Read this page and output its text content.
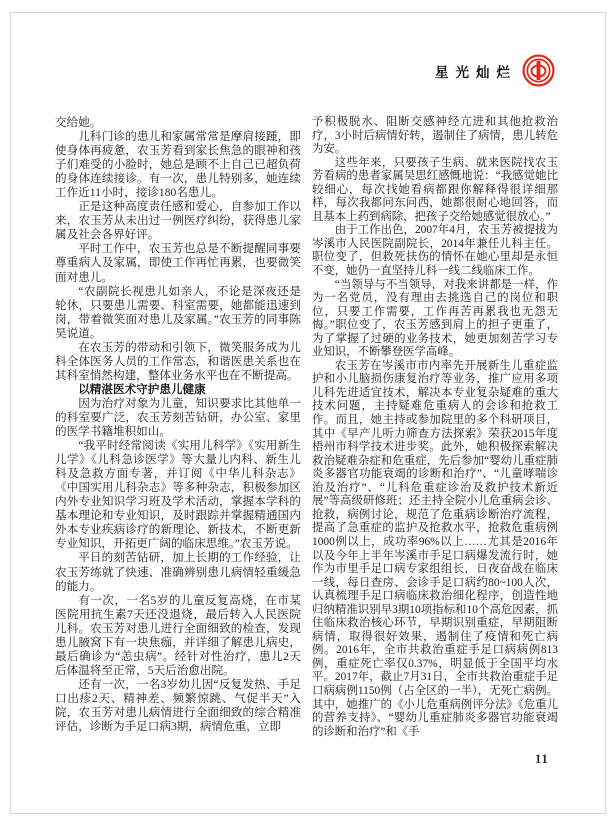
星光灿烂

交给她。

儿科门诊的患儿和家属常常是摩肩接踵，即使身体再疲惫，农玉芳看到家长焦急的眼神和孩子们难受的小脸时，她总是顾不上自己已超负荷的身体连续接诊。有一次，患儿特别多，她连续工作近11小时，接诊180名患儿。

正是这种高度责任感和爱心，自参加工作以来，农玉芳从未出过一例医疗纠纷，获得患儿家属及社会各界好评。

平时工作中，农玉芳也总是不断提醒同事要尊重病人及家属，即使工作再忙再累，也要微笑面对患儿。

“农副院长视患儿如亲人，不论是深夜还是轮休，只要患儿需要、科室需要，她都能迅速到岗，带着微笑面对患儿及家属。”农玉芳的同事陈昊说道。

在农玉芳的带动和引领下，微笑服务成为儿科全体医务人员的工作常态，和谐医患关系也在其科室悄然构建，整体业务水平也在不断提高。

以精湛医术守护患儿健康

因为治疗对象为儿童，知识要求比其他单一的科室要广泛，农玉芳刻苦钻研，办公室、家里的医学书籍堆积如山。

“我平时经常阅读《实用儿科学》《实用新生儿学》《儿科急诊医学》等大量儿内科、新生儿科及急救方面专著，并订阅《中华儿科杂志》《中国实用儿科杂志》等多种杂志，积极参加区内外专业知识学习班及学术活动，掌握本学科的基本理论和专业知识，及时跟踪并掌握精通国内外本专业疾病诊疗的新理论、新技术，不断更新专业知识，开拓更广阔的临床思维。”农玉芳说。

平日的刻苦钻研，加上长期的工作经验，让农玉芳练就了快速、准确辨别患儿病情轻重缓急的能力。

有一次，一名5岁的儿童反复高烧，在市某医院用抗生素7天还没退烧，最后转入人民医院儿科。农玉芳对患儿进行全面细致的检查，发现患儿腋窝下有一块焦痂，并详细了解患儿病史，最后确诊为“恙虫病”。经针对性治疗，患儿2天后体温将至正常，5天后治愈出院。

还有一次，一名3岁幼儿因“反复发热、手足口出疹2天、精神差、频繁惊跳、气促半天”入院，农玉芳对患儿病情进行全面细致的综合精准评估，诊断为手足口病3期，病情危重，立即

予积极脱水、阻断交感神经亢进和其他抢救治疗，3小时后病情好转，遏制住了病情，患儿转危为安。

这些年来，只要孩子生病、就来医院找农玉芳看病的患者家属吴思红感慨地说：“我感觉她比较细心，每次找她看病都跟你解释得很详细那样，每次我都问东问西，她都很耐心地回答，而且基本上药到病除，把孩子交给她感觉很放心。”

由于工作出色，2007年4月，农玉芳被提拔为岑溪市人民医院副院长，2014年兼任儿科主任。职位变了，但救死扶伤的情怀在她心里却是永恒不变，她仍一直坚持儿科一线二线临床工作。

“当领导与不当领导，对我来讲都是一样，作为一名党员，没有理由去挑选自己的岗位和职位，只要工作需要，工作再苦再累我也无怨无悔。”职位变了，农玉芳感到肩上的担子更重了，为了掌握了过硬的业务技术，她更加刻苦学习专业知识，不断攀登医学高峰。

农玉芳在岑溪市市内率先开展新生儿重症监护和小儿脑损伤康复治疗等业务，推广应用多项儿科先进适宜技术，解决本专业复杂疑难的重大技术问题，主持疑难危重病人的会诊和抢救工作。而且，她主持或参加院里的多个科研项目，其中《早产儿听力筛查方法探索》荣获2015年度梧州市科学技术进步奖。此外，她积极探索解决救治疑难杂症和危重症，先后参加“婴幼儿重症肺炎多器官功能衰竭的诊断和治疗”、“儿童哮喘诊治及治疗”、“儿科危重症诊治及救护技术新近展”等高级研修班；还主持全院小儿危重病会诊、抢救，病例讨论，规范了危重病诊断治疗流程，提高了急重症的监护及抢救水平，抢救危重病例1000例以上，成功率96%以上……尤其是2016年以及今年上半年岑溪市手足口病爆发流行时，她作为市里手足口病专家组组长，日夜奋战在临床一线，每日查房、会诊手足口病约80~100人次，认真梳理手足口病临床救治细化程序，创造性地归纳精准识别早3期10项指标和10个高危因素，抓住临床救治核心环节，早期识别重症，早期阻断病情，取得很好效果，遏制住了疫情和死亡病例。2016年，全市共救治重症手足口病病例813例，重症死亡率仅0.37%，明显低于全国平均水平。2017年，截止7月31日，全市共救治重症手足口病病例1150例（占全区的一半），无死亡病例。其中，她推广的《小儿危重病例评分法》《危重儿的营养支持》、“婴幼儿重症肺炎多器官功能衰竭的诊断和治疗”和《手

11
